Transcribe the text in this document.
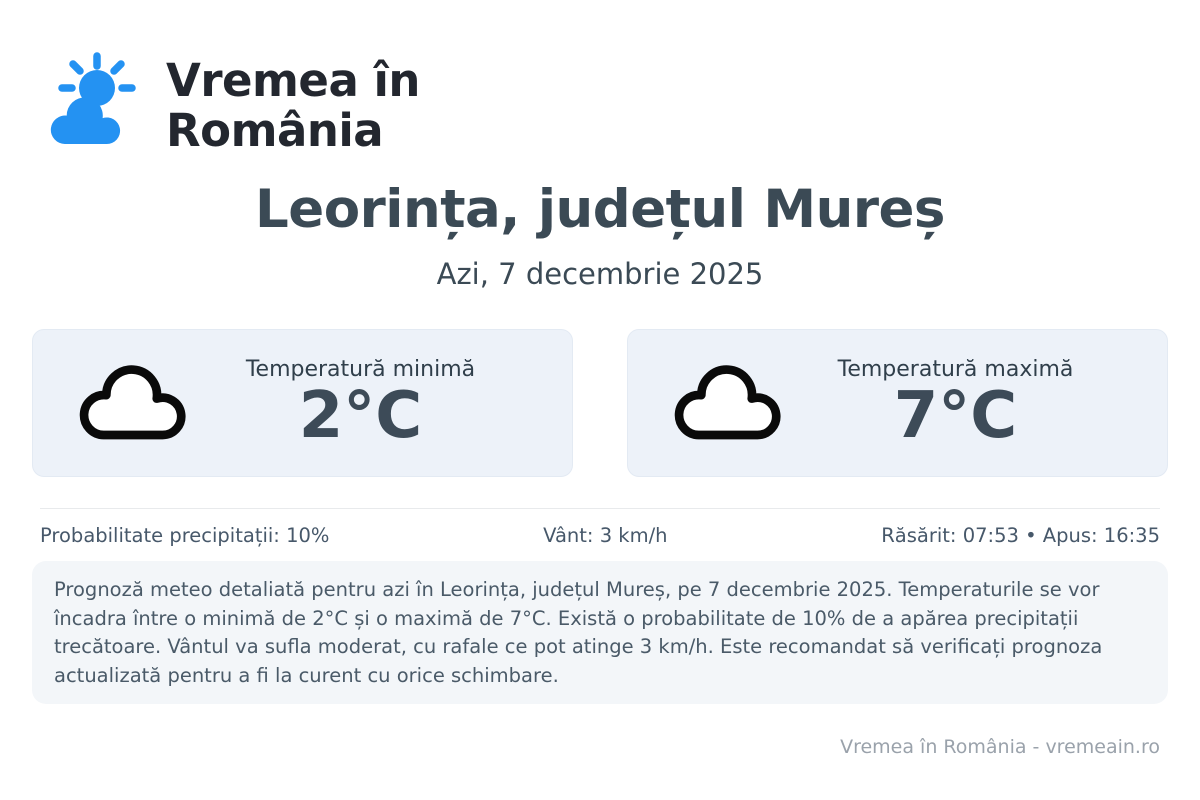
Vremea în
România
Leorința, județul Mureș
Azi, 7 decembrie 2025
Temperatură minimă
2°C
Temperatură maximă
7°C
Probabilitate precipitații: 10%	Vânt: 3 km/h	Răsărit: 07:53 • Apus: 16:35

Prognoză meteo detaliată pentru azi în Leorința, județul Mureș, pe 7 decembrie 2025. Temperaturile se vor încadra între o minimă de 2°C și o maximă de 7°C. Există o probabilitate de 10% de a apărea precipitații trecătoare. Vântul va sufla moderat, cu rafale ce pot atinge 3 km/h. Este recomandat să verificați prognoza actualizată pentru a fi la curent cu orice schimbare.

Vremea în România - vremeain.ro
